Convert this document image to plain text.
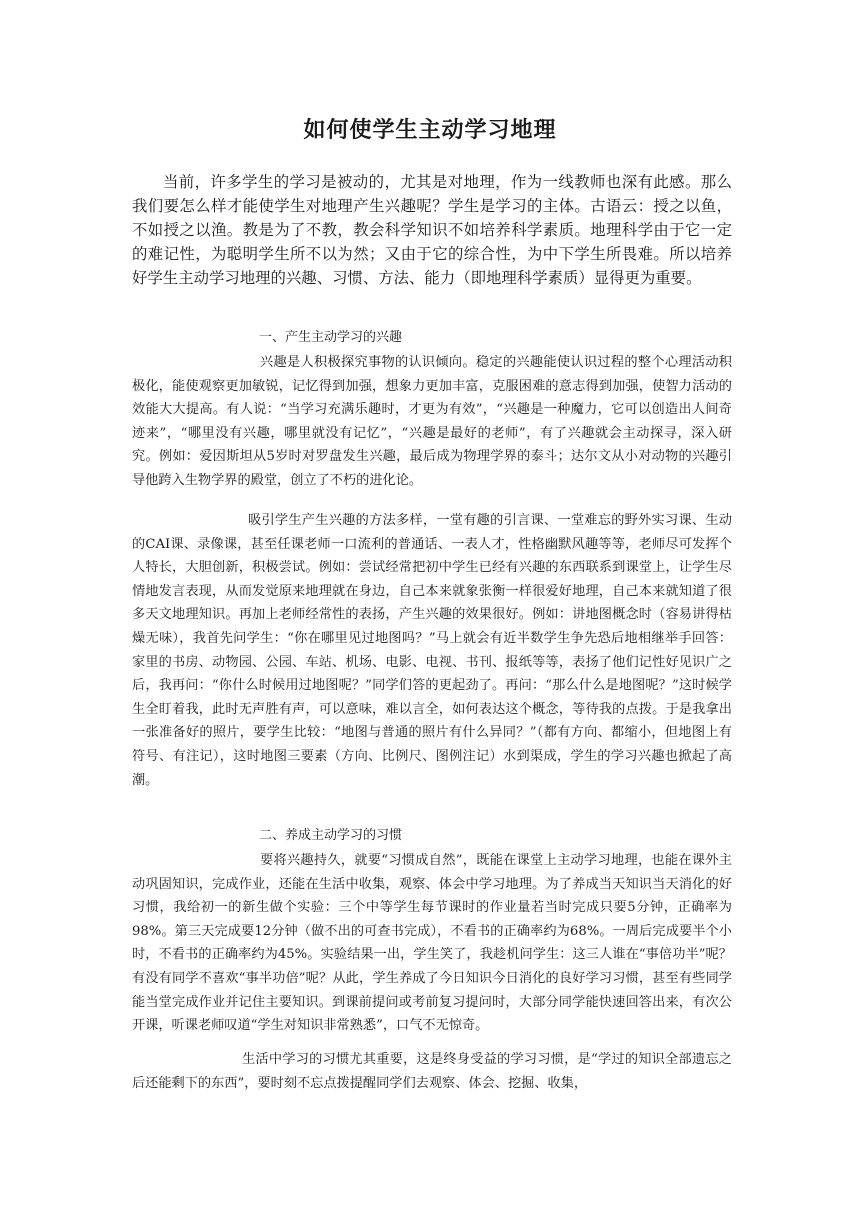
如何使学生主动学习地理

当前，许多学生的学习是被动的，尤其是对地理，作为一线教师也深有此感。那么我们要怎么样才能使学生对地理产生兴趣呢？学生是学习的主体。古语云：授之以鱼，不如授之以渔。教是为了不教，教会科学知识不如培养科学素质。地理科学由于它一定的难记性，为聪明学生所不以为然；又由于它的综合性，为中下学生所畏难。所以培养好学生主动学习地理的兴趣、习惯、方法、能力（即地理科学素质）显得更为重要。

一、产生主动学习的兴趣

兴趣是人积极探究事物的认识倾向。稳定的兴趣能使认识过程的整个心理活动积极化，能使观察更加敏锐，记忆得到加强，想象力更加丰富，克服困难的意志得到加强，使智力活动的效能大大提高。有人说：“当学习充满乐趣时，才更为有效”，“兴趣是一种魔力，它可以创造出人间奇迹来”，“哪里没有兴趣，哪里就没有记忆”，“兴趣是最好的老师”，有了兴趣就会主动探寻，深入研究。例如：爱因斯坦从5岁时对罗盘发生兴趣，最后成为物理学界的泰斗；达尔文从小对动物的兴趣引导他跨入生物学界的殿堂，创立了不朽的进化论。

吸引学生产生兴趣的方法多样，一堂有趣的引言课、一堂难忘的野外实习课、生动的CAI课、录像课，甚至任课老师一口流利的普通话、一表人才，性格幽默风趣等等，老师尽可发挥个人特长，大胆创新，积极尝试。例如：尝试经常把初中学生已经有兴趣的东西联系到课堂上，让学生尽情地发言表现，从而发觉原来地理就在身边，自己本来就象张衡一样很爱好地理，自己本来就知道了很多天文地理知识。再加上老师经常性的表扬，产生兴趣的效果很好。例如：讲地图概念时（容易讲得枯燥无味），我首先问学生：“你在哪里见过地图吗？”马上就会有近半数学生争先恐后地相继举手回答：家里的书房、动物园、公园、车站、机场、电影、电视、书刊、报纸等等，表扬了他们记性好见识广之后，我再问：“你什么时候用过地图呢？”同学们答的更起劲了。再问：“那么什么是地图呢？”这时候学生全盯着我，此时无声胜有声，可以意味，难以言全，如何表达这个概念，等待我的点拨。于是我拿出一张准备好的照片，要学生比较：“地图与普通的照片有什么异同？”（都有方向、都缩小，但地图上有符号、有注记），这时地图三要素（方向、比例尺、图例注记）水到渠成，学生的学习兴趣也掀起了高潮。

二、养成主动学习的习惯

要将兴趣持久，就要“习惯成自然”，既能在课堂上主动学习地理，也能在课外主动巩固知识，完成作业，还能在生活中收集，观察、体会中学习地理。为了养成当天知识当天消化的好习惯，我给初一的新生做个实验：三个中等学生每节课时的作业量若当时完成只要5分钟，正确率为98%。第三天完成要12分钟（做不出的可查书完成），不看书的正确率约为68%。一周后完成要半个小时，不看书的正确率约为45%。实验结果一出，学生笑了，我趁机问学生：这三人谁在“事倍功半”呢？有没有同学不喜欢“事半功倍”呢？从此，学生养成了今日知识今日消化的良好学习习惯，甚至有些同学能当堂完成作业并记住主要知识。到课前提问或考前复习提问时，大部分同学能快速回答出来，有次公开课，听课老师叹道“学生对知识非常熟悉”，口气不无惊奇。

生活中学习的习惯尤其重要，这是终身受益的学习习惯，是“学过的知识全部遗忘之后还能剩下的东西”，要时刻不忘点拨提醒同学们去观察、体会、挖掘、收集，
